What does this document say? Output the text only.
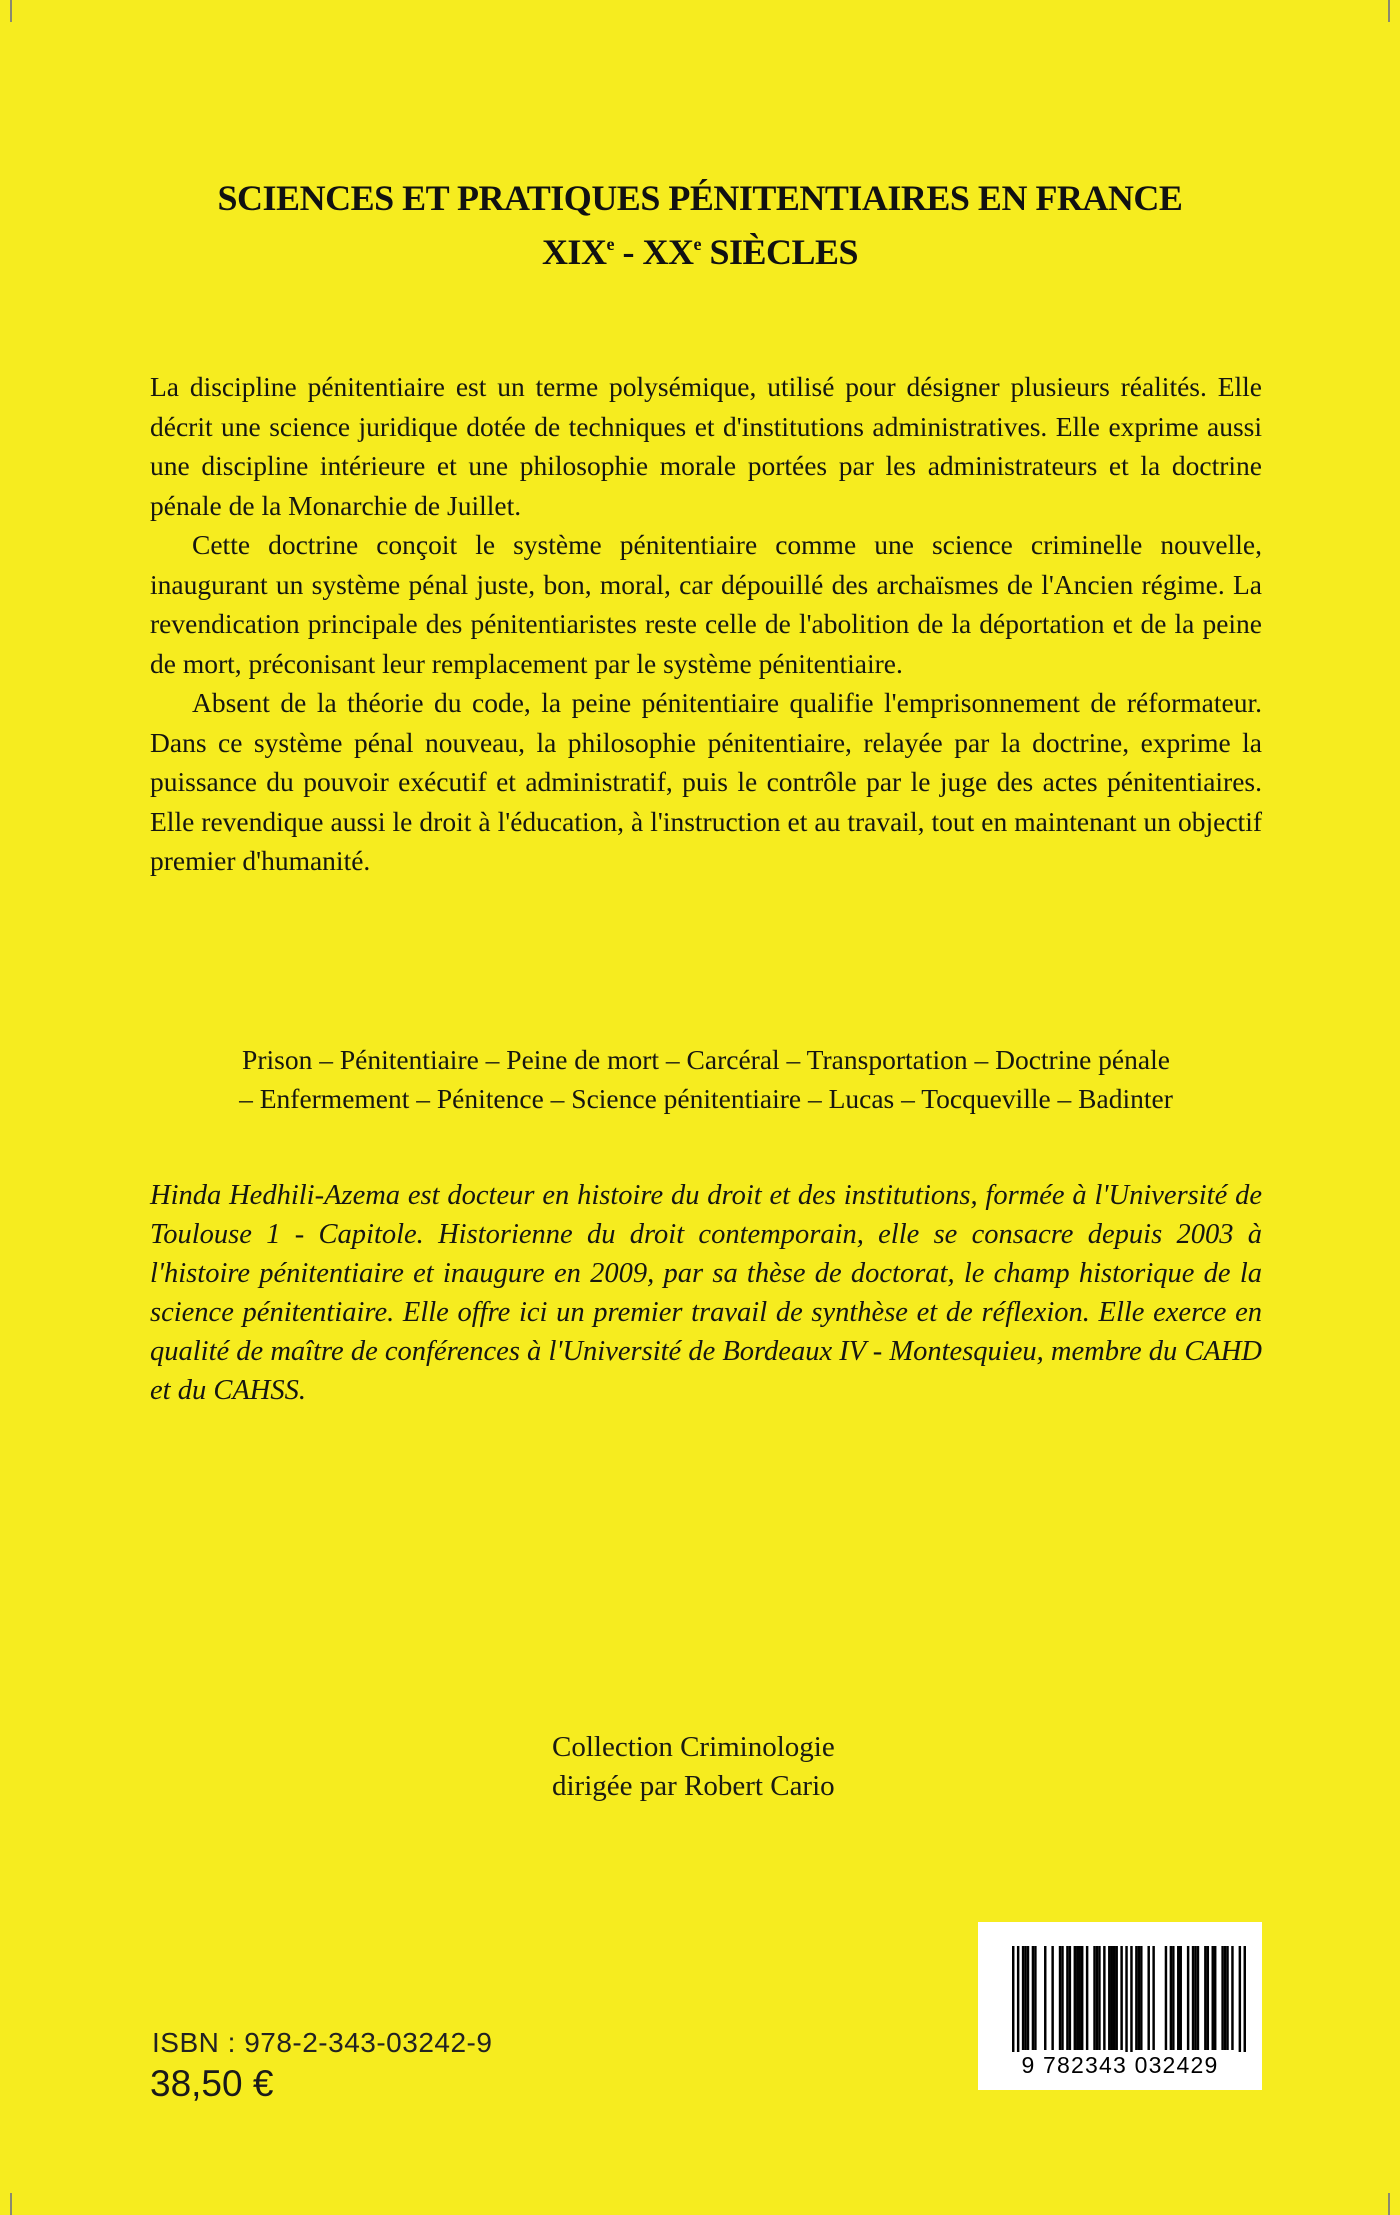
SCIENCES ET PRATIQUES PÉNITENTIAIRES EN FRANCE
XIXe - XXe SIÈCLES

La discipline pénitentiaire est un terme polysémique, utilisé pour désigner plusieurs réalités. Elle décrit une science juridique dotée de techniques et d'institutions administratives. Elle exprime aussi une discipline intérieure et une philosophie morale portées par les administrateurs et la doctrine pénale de la Monarchie de Juillet.

Cette doctrine conçoit le système pénitentiaire comme une science criminelle nouvelle, inaugurant un système pénal juste, bon, moral, car dépouillé des archaïsmes de l'Ancien régime. La revendication principale des pénitentiaristes reste celle de l'abolition de la déportation et de la peine de mort, préconisant leur remplacement par le système pénitentiaire.

Absent de la théorie du code, la peine pénitentiaire qualifie l'emprisonnement de réformateur. Dans ce système pénal nouveau, la philosophie pénitentiaire, relayée par la doctrine, exprime la puissance du pouvoir exécutif et administratif, puis le contrôle par le juge des actes pénitentiaires. Elle revendique aussi le droit à l'éducation, à l'instruction et au travail, tout en maintenant un objectif premier d'humanité.

Prison – Pénitentiaire – Peine de mort – Carcéral – Transportation – Doctrine pénale
– Enfermement – Pénitence – Science pénitentiaire – Lucas – Tocqueville – Badinter
Hinda Hedhili-Azema est docteur en histoire du droit et des institutions, formée à l'Université de Toulouse 1 - Capitole. Historienne du droit contemporain, elle se consacre depuis 2003 à l'histoire pénitentiaire et inaugure en 2009, par sa thèse de doctorat, le champ historique de la science pénitentiaire. Elle offre ici un premier travail de synthèse et de réflexion. Elle exerce en qualité de maître de conférences à l'Université de Bordeaux IV - Montesquieu, membre du CAHD et du CAHSS.
Collection Criminologie
dirigée par Robert Cario
ISBN : 978-2-343-03242-9
38,50 €	9 782343 032429
